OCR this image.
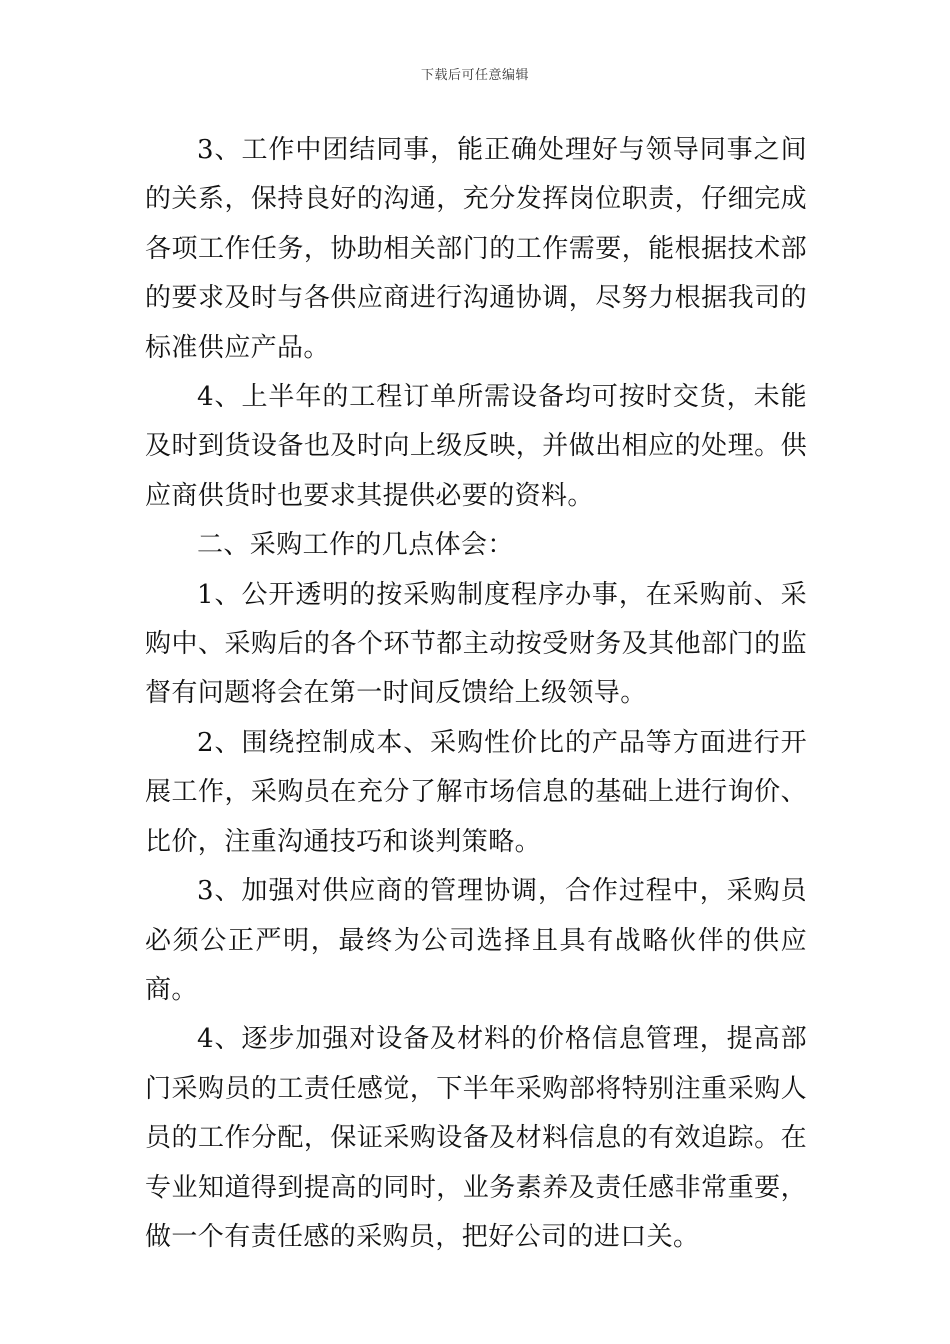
下载后可任意编辑

3、工作中团结同事，能正确处理好与领导同事之间的关系，保持良好的沟通，充分发挥岗位职责，仔细完成各项工作任务，协助相关部门的工作需要，能根据技术部的要求及时与各供应商进行沟通协调，尽努力根据我司的标准供应产品。

4、上半年的工程订单所需设备均可按时交货，未能及时到货设备也及时向上级反映，并做出相应的处理。供应商供货时也要求其提供必要的资料。

二、采购工作的几点体会：

1、公开透明的按采购制度程序办事，在采购前、采购中、采购后的各个环节都主动按受财务及其他部门的监督有问题将会在第一时间反馈给上级领导。

2、围绕控制成本、采购性价比的产品等方面进行开展工作，采购员在充分了解市场信息的基础上进行询价、比价，注重沟通技巧和谈判策略。

3、加强对供应商的管理协调，合作过程中，采购员必须公正严明，最终为公司选择且具有战略伙伴的供应商。

4、逐步加强对设备及材料的价格信息管理，提高部门采购员的工责任感觉，下半年采购部将特别注重采购人员的工作分配，保证采购设备及材料信息的有效追踪。在专业知道得到提高的同时，业务素养及责任感非常重要，做一个有责任感的采购员，把好公司的进口关。
